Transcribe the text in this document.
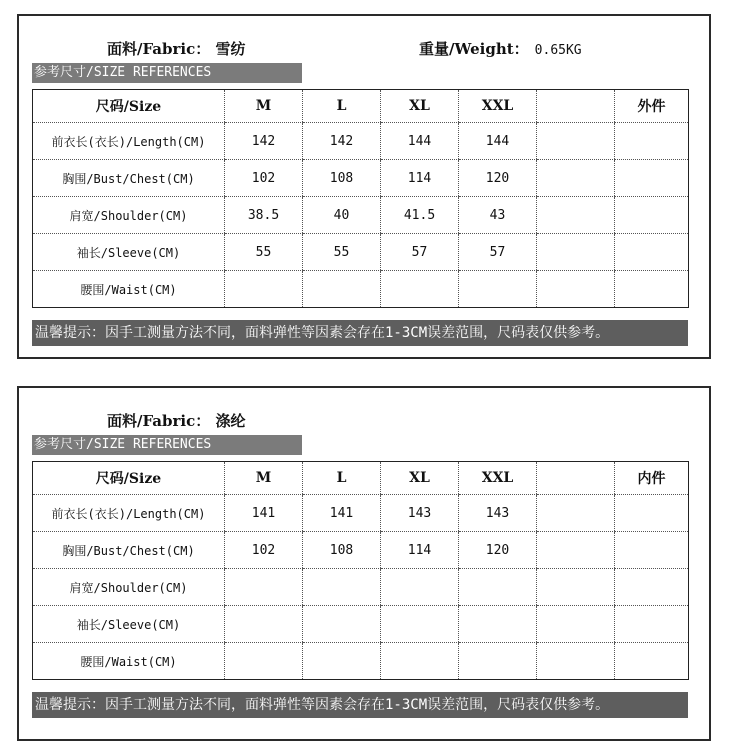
面料/Fabric： 雪纺	重量/Weight： 0.65KG
参考尺寸/SIZE REFERENCES
尺码/Size	M	L	XL	XXL		外件
前衣长(衣长)/Length(CM)	142	142	144	144		
胸围/Bust/Chest(CM)	102	108	114	120		
肩宽/Shoulder(CM)	38.5	40	41.5	43		
袖长/Sleeve(CM)	55	55	57	57		
腰围/Waist(CM)						
温馨提示：因手工测量方法不同，面料弹性等因素会存在1-3CM误差范围，尺码表仅供参考。
面料/Fabric： 涤纶
参考尺寸/SIZE REFERENCES
尺码/Size	M	L	XL	XXL		内件
前衣长(衣长)/Length(CM)	141	141	143	143		
胸围/Bust/Chest(CM)	102	108	114	120		
肩宽/Shoulder(CM)						
袖长/Sleeve(CM)						
腰围/Waist(CM)						
温馨提示：因手工测量方法不同，面料弹性等因素会存在1-3CM误差范围，尺码表仅供参考。
